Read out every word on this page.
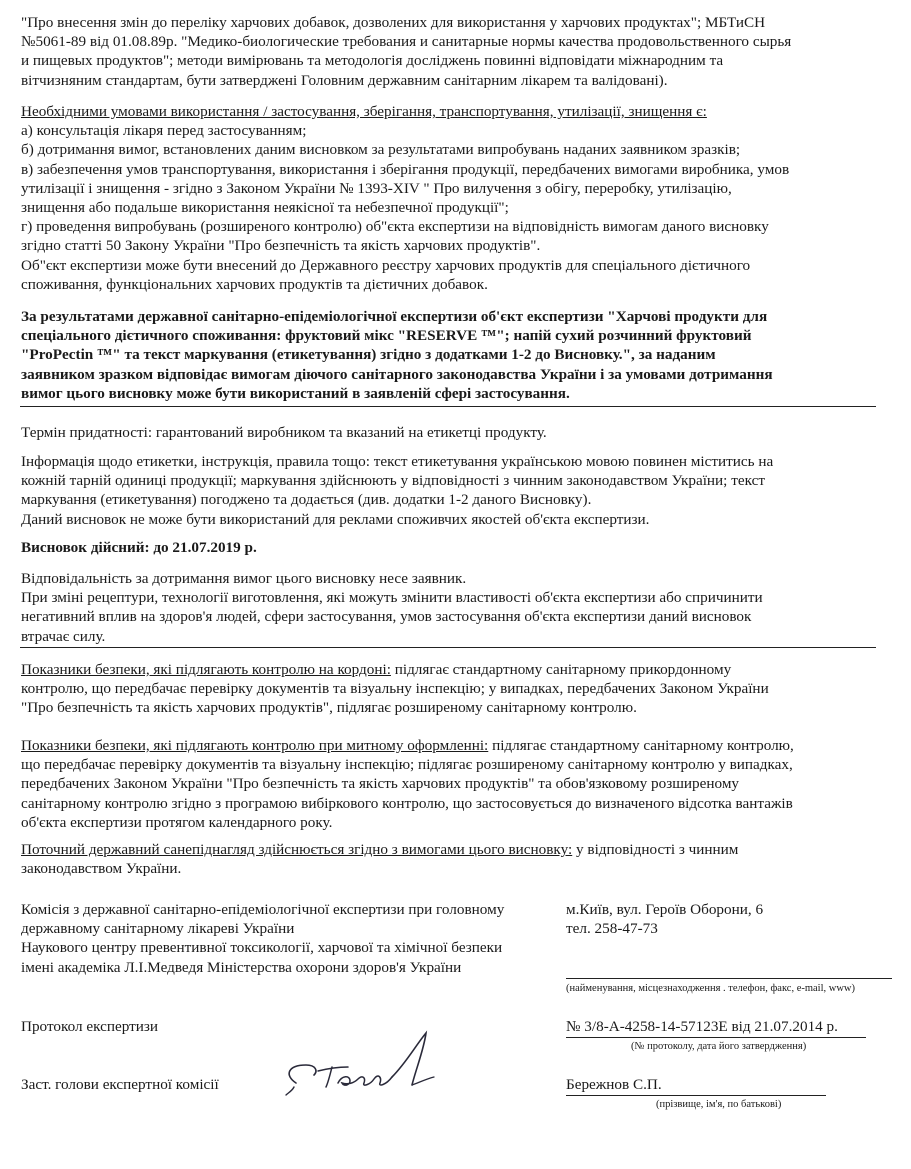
"Про внесення змін до переліку харчових добавок, дозволених для використання у харчових продуктах"; МБТиСН

№5061-89 від 01.08.89р. "Медико-биологические требования и санитарные нормы качества продовольственного сырья

и пищевых продуктов"; методи вимірювань та методологія досліджень повинні відповідати міжнародним та

вітчизняним стандартам, бути затверджені Головним державним санітарним лікарем та валідовані).

Необхідними умовами використання / застосування, зберігання, транспортування, утилізації, знищення є:

а) консультація лікаря перед застосуванням;

б) дотримання вимог, встановлених даним висновком за результатами випробувань наданих заявником зразків;

в) забезпечення умов транспортування, використання і зберігання продукції, передбачених вимогами виробника, умов

утилізації і знищення - згідно з Законом України № 1393-XIV " Про вилучення з обігу, переробку, утилізацію,

знищення або подальше використання неякісної та небезпечної продукції";

г) проведення випробувань (розширеного контролю) об"єкта експертизи на відповідність вимогам даного висновку

згідно статті 50 Закону України "Про безпечність та якість харчових продуктів".

Об"єкт експертизи може бути внесений до Державного реєстру харчових продуктів для спеціального дієтичного

споживання, функціональних харчових продуктів та дієтичних добавок.

За результатами державної санітарно-епідеміологічної експертизи об'єкт експертизи "Харчові продукти для

спеціального дієтичного споживання: фруктовий мікс "RESERVE ™"; напій сухий розчинний фруктовий

"ProPectin ™" та текст маркування (етикетування) згідно з додатками 1-2 до Висновку.", за наданим

заявником зразком відповідає вимогам діючого санітарного законодавства України і за умовами дотримання

вимог цього висновку може бути використаний в заявленій сфері застосування.

Термін придатності: гарантований виробником та вказаний на етикетці продукту.

Інформація щодо етикетки, інструкція, правила тощо: текст етикетування українською мовою повинен міститись на

кожній тарній одиниці продукції; маркування здійснюють у відповідності з чинним законодавством України; текст

маркування (етикетування) погоджено та додається (див. додатки 1-2 даного Висновку).

Даний висновок не може бути використаний для реклами споживчих якостей об'єкта експертизи.

Висновок дійсний: до 21.07.2019 р.

Відповідальність за дотримання вимог цього висновку несе заявник.

При зміні рецептури, технології виготовлення, які можуть змінити властивості об'єкта експертизи або спричинити

негативний вплив на здоров'я людей, сфери застосування, умов застосування об'єкта експертизи даний висновок

втрачає силу.

Показники безпеки, які підлягають контролю на кордоні: підлягає стандартному санітарному прикордонному

контролю, що передбачає перевірку документів та візуальну інспекцію; у випадках, передбачених Законом України

"Про безпечність та якість харчових продуктів", підлягає розширеному санітарному контролю.

Показники безпеки, які підлягають контролю при митному оформленні: підлягає стандартному санітарному контролю,

що передбачає перевірку документів та візуальну інспекцію; підлягає розширеному санітарному контролю у випадках,

передбачених Законом України "Про безпечність та якість харчових продуктів" та обов'язковому розширеному

санітарному контролю згідно з програмою вибіркового контролю, що застосовується до визначеного відсотка вантажів

об'єкта експертизи протягом календарного року.

Поточний державний санепіднагляд здійснюється згідно з вимогами цього висновку: у відповідності з чинним

законодавством України.

Комісія з державної санітарно-епідеміологічної експертизи при головному

державному санітарному лікареві України

Наукового центру превентивної токсикології, харчової та хімічної безпеки

імені академіка Л.І.Медведя Міністерства охорони здоров'я України

м.Київ, вул. Героїв Оборони, 6

тел. 258-47-73

(найменування, місцезнаходження . телефон, факс, e-mail, www)
Протокол експертизи	№ 3/8-А-4258-14-57123Е від 21.07.2014 р.
(№ протоколу, дата його затвердження)
Заст. голови експертної комісії	Бережнов С.П.
(прізвище, ім'я, по батькові)
